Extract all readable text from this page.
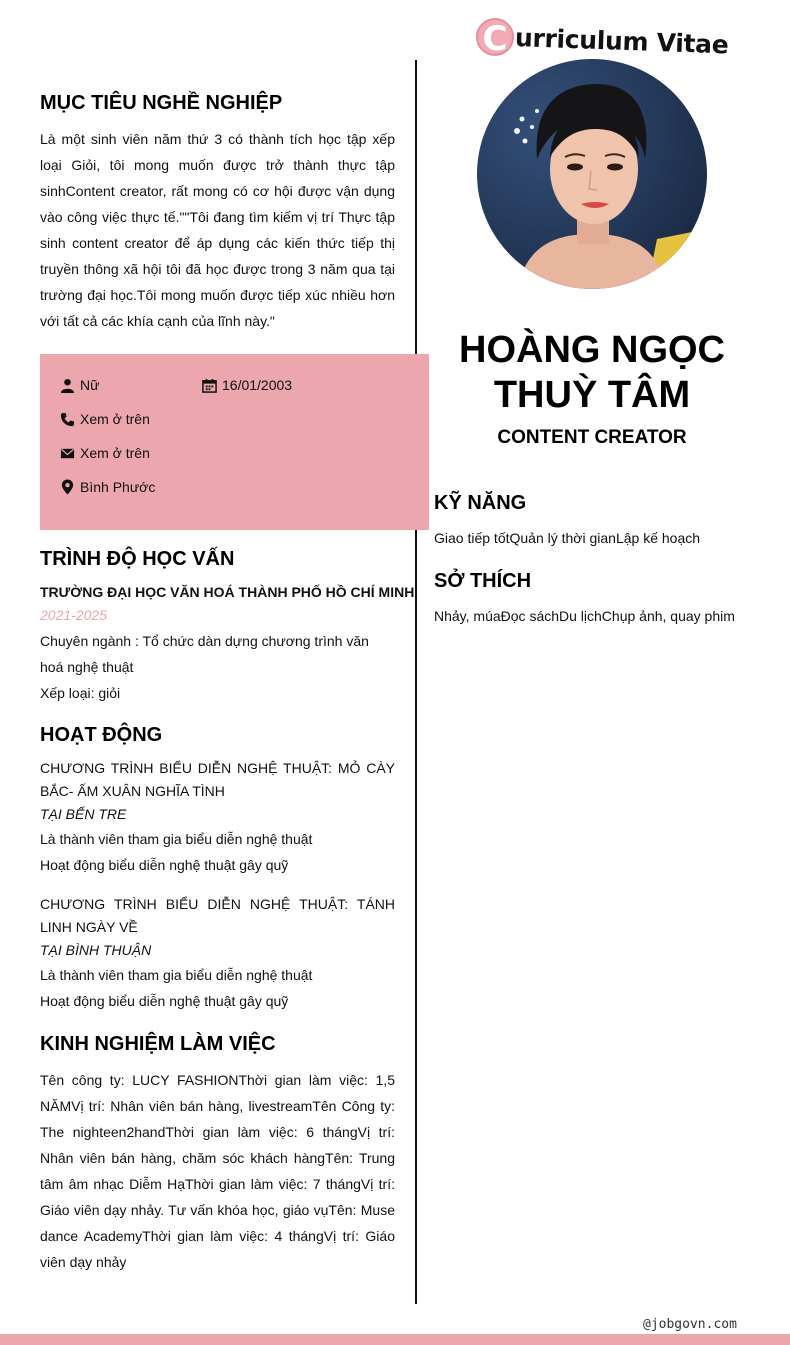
C urriculum Vitae
MỤC TIÊU NGHỀ NGHIỆP

Là một sinh viên năm thứ 3 có thành tích học tập xếp loại Giỏi, tôi mong muốn được trở thành thực tập sinhContent creator, rất mong có cơ hội được vận dụng vào công việc thực tế.""Tôi đang tìm kiếm vị trí Thực tập sinh content creator để áp dụng các kiến thức tiếp thị truyền thông xã hội tôi đã học được trong 3 năm qua tại trường đại học.Tôi mong muốn được tiếp xúc nhiều hơn với tất cả các khía cạnh của lĩnh này."

Nữ	16/01/2003
Xem ở trên
Xem ở trên
Bình Phước
TRÌNH ĐỘ HỌC VẤN
TRƯỜNG ĐẠI HỌC VĂN HOÁ THÀNH PHỐ HỒ CHÍ MINH
2021-2025
Chuyên ngành : Tổ chức dàn dựng chương trình văn hoá nghệ thuật
Xếp loại: giỏi
HOẠT ĐỘNG
CHƯƠNG TRÌNH BIỂU DIỄN NGHỆ THUẬT: MỎ CÀY BẮC- ẤM XUÂN NGHĨA TÌNH
TẠI BẾN TRE
Là thành viên tham gia biểu diễn nghệ thuật
Hoạt động biểu diễn nghệ thuật gây quỹ
CHƯƠNG TRÌNH BIỂU DIỄN NGHỆ THUẬT: TÁNH LINH NGÀY VỀ
TẠI BÌNH THUẬN
Là thành viên tham gia biểu diễn nghệ thuật
Hoạt động biểu diễn nghệ thuật gây quỹ
KINH NGHIỆM LÀM VIỆC

Tên công ty: LUCY FASHIONThời gian làm việc: 1,5 NĂMVị trí: Nhân viên bán hàng, livestreamTên Công ty: The nighteen2handThời gian làm việc: 6 thángVị trí: Nhân viên bán hàng, chăm sóc khách hàngTên: Trung tâm âm nhạc Diễm HạThời gian làm việc: 7 thángVị trí: Giáo viên dạy nhảy. Tư vấn khóa học, giáo vụTên: Muse dance AcademyThời gian làm việc: 4 thángVị trí: Giáo viên dạy nhảy

HOÀNG NGỌC THUỲ TÂM
CONTENT CREATOR
KỸ NĂNG
Giao tiếp tốtQuản lý thời gianLập kế hoạch
SỞ THÍCH
Nhảy, múaĐọc sáchDu lịchChụp ảnh, quay phim
@jobgovn.com
